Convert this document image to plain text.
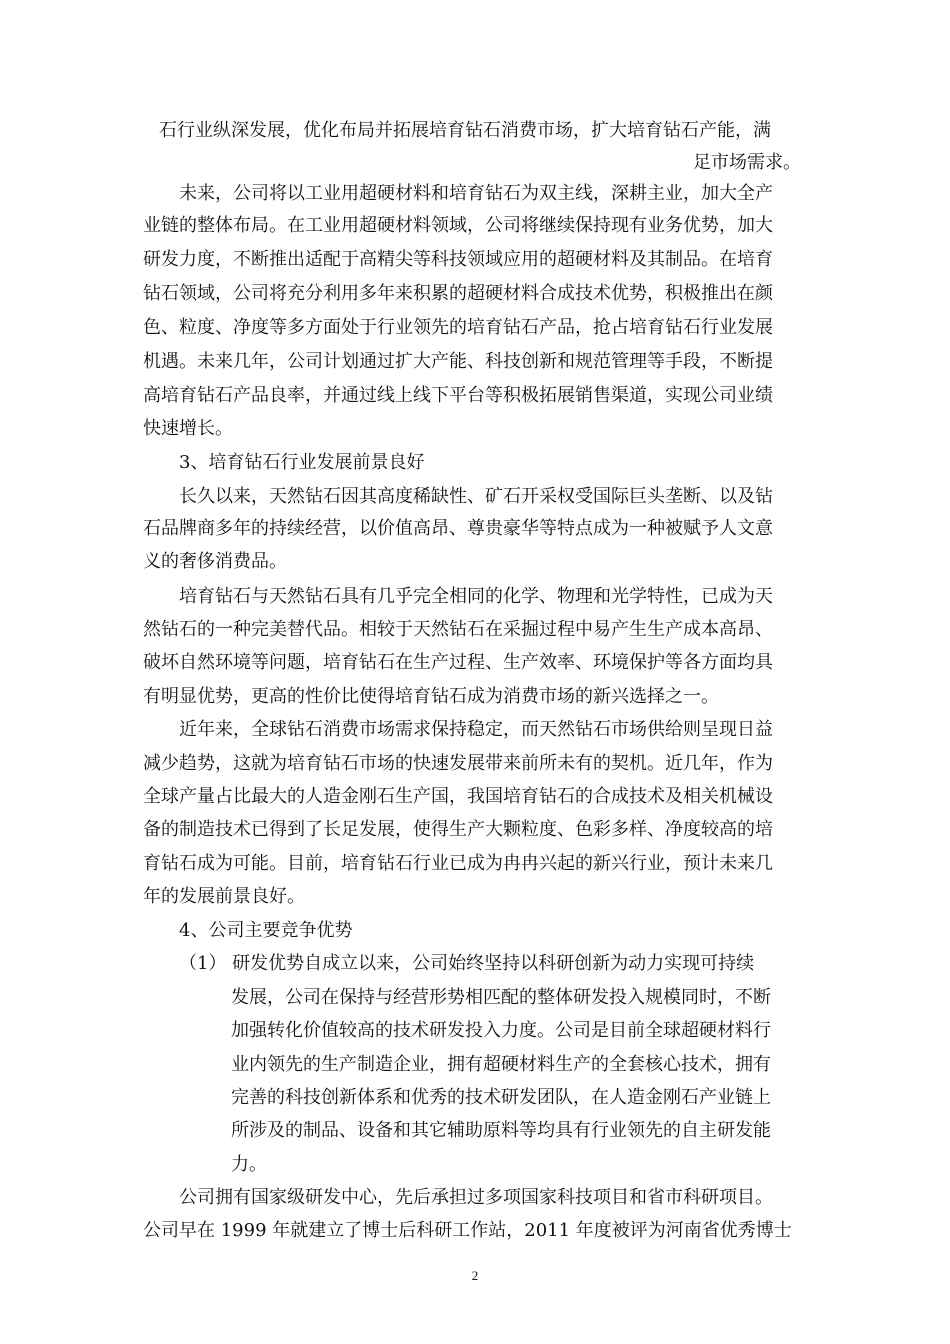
石行业纵深发展，优化布局并拓展培育钻石消费市场，扩大培育钻石产能，满
足市场需求。
未来，公司将以工业用超硬材料和培育钻石为双主线，深耕主业，加大全产
业链的整体布局。在工业用超硬材料领域，公司将继续保持现有业务优势，加大
研发力度，不断推出适配于高精尖等科技领域应用的超硬材料及其制品。在培育
钻石领域，公司将充分利用多年来积累的超硬材料合成技术优势，积极推出在颜
色、粒度、净度等多方面处于行业领先的培育钻石产品，抢占培育钻石行业发展
机遇。未来几年，公司计划通过扩大产能、科技创新和规范管理等手段，不断提
高培育钻石产品良率，并通过线上线下平台等积极拓展销售渠道，实现公司业绩
快速增长。
3、培育钻石行业发展前景良好
长久以来，天然钻石因其高度稀缺性、矿石开采权受国际巨头垄断、以及钻
石品牌商多年的持续经营，以价值高昂、尊贵豪华等特点成为一种被赋予人文意
义的奢侈消费品。
培育钻石与天然钻石具有几乎完全相同的化学、物理和光学特性，已成为天
然钻石的一种完美替代品。相较于天然钻石在采掘过程中易产生生产成本高昂、
破坏自然环境等问题，培育钻石在生产过程、生产效率、环境保护等各方面均具
有明显优势，更高的性价比使得培育钻石成为消费市场的新兴选择之一。
近年来，全球钻石消费市场需求保持稳定，而天然钻石市场供给则呈现日益
减少趋势，这就为培育钻石市场的快速发展带来前所未有的契机。近几年，作为
全球产量占比最大的人造金刚石生产国，我国培育钻石的合成技术及相关机械设
备的制造技术已得到了长足发展，使得生产大颗粒度、色彩多样、净度较高的培
育钻石成为可能。目前，培育钻石行业已成为冉冉兴起的新兴行业，预计未来几
年的发展前景良好。
4、公司主要竞争优势
（1） 研发优势自成立以来，公司始终坚持以科研创新为动力实现可持续
发展，公司在保持与经营形势相匹配的整体研发投入规模同时，不断
加强转化价值较高的技术研发投入力度。公司是目前全球超硬材料行
业内领先的生产制造企业，拥有超硬材料生产的全套核心技术，拥有
完善的科技创新体系和优秀的技术研发团队，在人造金刚石产业链上
所涉及的制品、设备和其它辅助原料等均具有行业领先的自主研发能
力。
公司拥有国家级研发中心，先后承担过多项国家科技项目和省市科研项目。
公司早在 1999 年就建立了博士后科研工作站，2011 年度被评为河南省优秀博士
2
